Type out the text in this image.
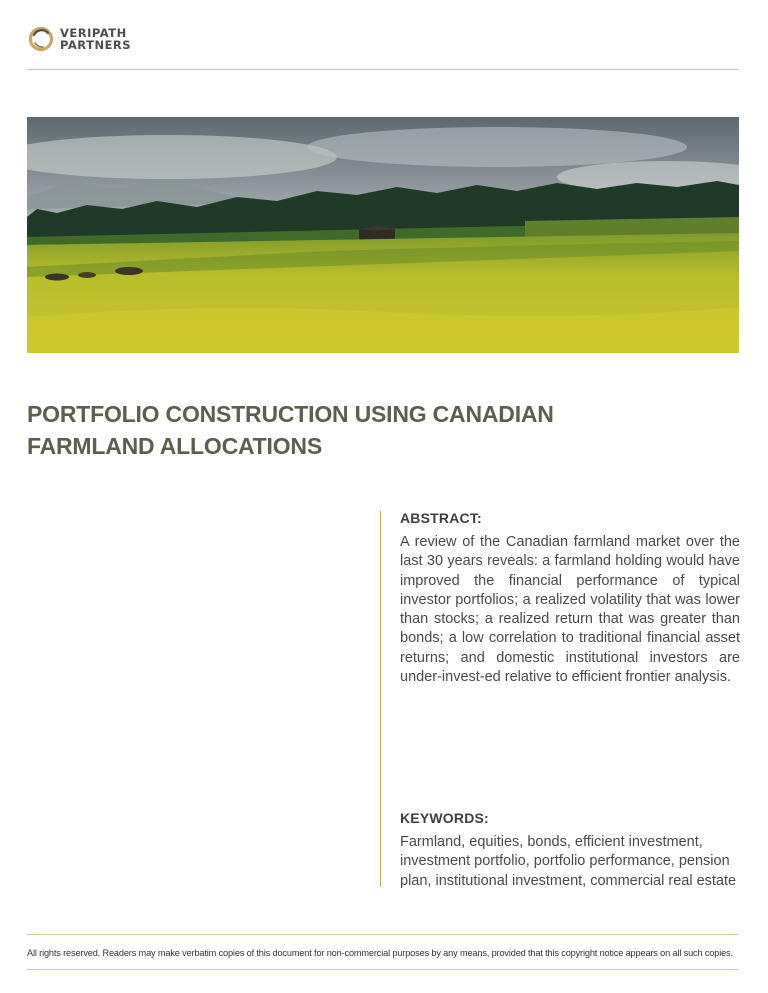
VERIPATH
PARTNERS
PORTFOLIO CONSTRUCTION USING CANADIAN
FARMLAND ALLOCATIONS
ABSTRACT:

A review of the Canadian farmland market over the last 30 years reveals: a farmland holding would have improved the financial performance of typical investor portfolios; a realized volatility that was lower than stocks; a realized return that was greater than bonds; a low correlation to traditional financial asset returns; and domestic institutional investors are under-invest-ed relative to efficient frontier analysis.

KEYWORDS:

Farmland, equities, bonds, efficient investment, investment portfolio, portfolio performance, pension plan, institutional investment, commercial real estate

All rights reserved. Readers may make verbatim copies of this document for non-commercial purposes by any means, provided that this copyright notice appears on all such copies.
